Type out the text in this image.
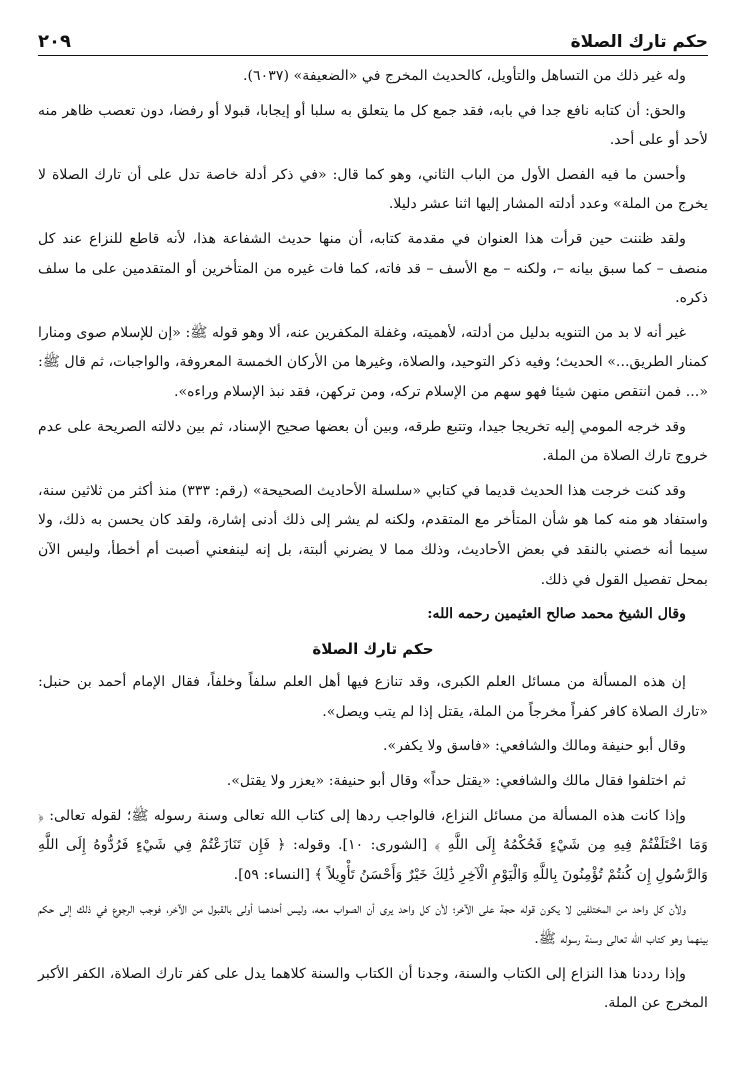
حكم تارك الصلاة
٢٠٩

وله غير ذلك من التساهل والتأويل، كالحديث المخرج في «الضعيفة» (٦٠٣٧).

والحق: أن كتابه نافع جدا في بابه، فقد جمع كل ما يتعلق به سلبا أو إيجابا، قبولا أو رفضا، دون تعصب ظاهر منه لأحد أو على أحد.

وأحسن ما فيه الفصل الأول من الباب الثاني، وهو كما قال: «في ذكر أدلة خاصة تدل على أن تارك الصلاة لا يخرج من الملة» وعدد أدلته المشار إليها اثنا عشر دليلا.

ولقد ظننت حين قرأت هذا العنوان في مقدمة كتابه، أن منها حديث الشفاعة هذا، لأنه قاطع للنزاع عند كل منصف – كما سبق بيانه –، ولكنه – مع الأسف – قد فاته، كما فات غيره من المتأخرين أو المتقدمين على ما سلف ذكره.

غير أنه لا بد من التنويه بدليل من أدلته، لأهميته، وغفلة المكفرين عنه، ألا وهو قوله ﷺ: «إن للإسلام صوى ومنارا كمنار الطريق...» الحديث؛ وفيه ذكر التوحيد، والصلاة، وغيرها من الأركان الخمسة المعروفة، والواجبات، ثم قال ﷺ: «... فمن انتقص منهن شيئا فهو سهم من الإسلام تركه، ومن تركهن، فقد نبذ الإسلام وراءه».

وقد خرجه المومي إليه تخريجا جيدا، وتتبع طرقه، وبين أن بعضها صحيح الإسناد، ثم بين دلالته الصريحة على عدم خروج تارك الصلاة من الملة.

وقد كنت خرجت هذا الحديث قديما في كتابي «سلسلة الأحاديث الصحيحة» (رقم: ٣٣٣) منذ أكثر من ثلاثين سنة، واستفاد هو منه كما هو شأن المتأخر مع المتقدم، ولكنه لم يشر إلى ذلك أدنى إشارة، ولقد كان يحسن به ذلك، ولا سيما أنه خصني بالنقد في بعض الأحاديث، وذلك مما لا يضرني ألبتة، بل إنه لينفعني أصبت أم أخطأ، وليس الآن بمحل تفصيل القول في ذلك.

وقال الشيخ محمد صالح العثيمين رحمه الله:

حكم تارك الصلاة

إن هذه المسألة من مسائل العلم الكبرى، وقد تنازع فيها أهل العلم سلفاً وخلفاً، فقال الإمام أحمد بن حنبل: «تارك الصلاة كافر كفراً مخرجاً من الملة، يقتل إذا لم يتب ويصل».

وقال أبو حنيفة ومالك والشافعي: «فاسق ولا يكفر».

ثم اختلفوا فقال مالك والشافعي: «يقتل حداً» وقال أبو حنيفة: «يعزر ولا يقتل».

وإذا كانت هذه المسألة من مسائل النزاع، فالواجب ردها إلى كتاب الله تعالى وسنة رسوله ﷺ؛ لقوله تعالى: ﴿ وَمَا اخْتَلَفْتُمْ فِيهِ مِن شَيْءٍ فَحُكْمُهُ إِلَى اللَّهِ ﴾ [الشورى: ١٠]. وقوله: ﴿ فَإِن تَنَازَعْتُمْ فِي شَيْءٍ فَرُدُّوهُ إِلَى اللَّهِ وَالرَّسُولِ إِن كُنتُمْ تُؤْمِنُونَ بِاللَّهِ وَالْيَوْمِ الْآخِرِ ذَٰلِكَ خَيْرٌ وَأَحْسَنُ تَأْوِيلاً ﴾ [النساء: ٥٩].

ولأن كل واحد من المختلفين لا يكون قوله حجة على الآخر؛ لأن كل واحد يرى أن الصواب معه، وليس أحدهما أولى بالقبول من الآخر، فوجب الرجوع في ذلك إلى حكم بينهما وهو كتاب الله تعالى وسنة رسوله ﷺ.

وإذا رددنا هذا النزاع إلى الكتاب والسنة، وجدنا أن الكتاب والسنة كلاهما يدل على كفر تارك الصلاة، الكفر الأكبر المخرج عن الملة.
